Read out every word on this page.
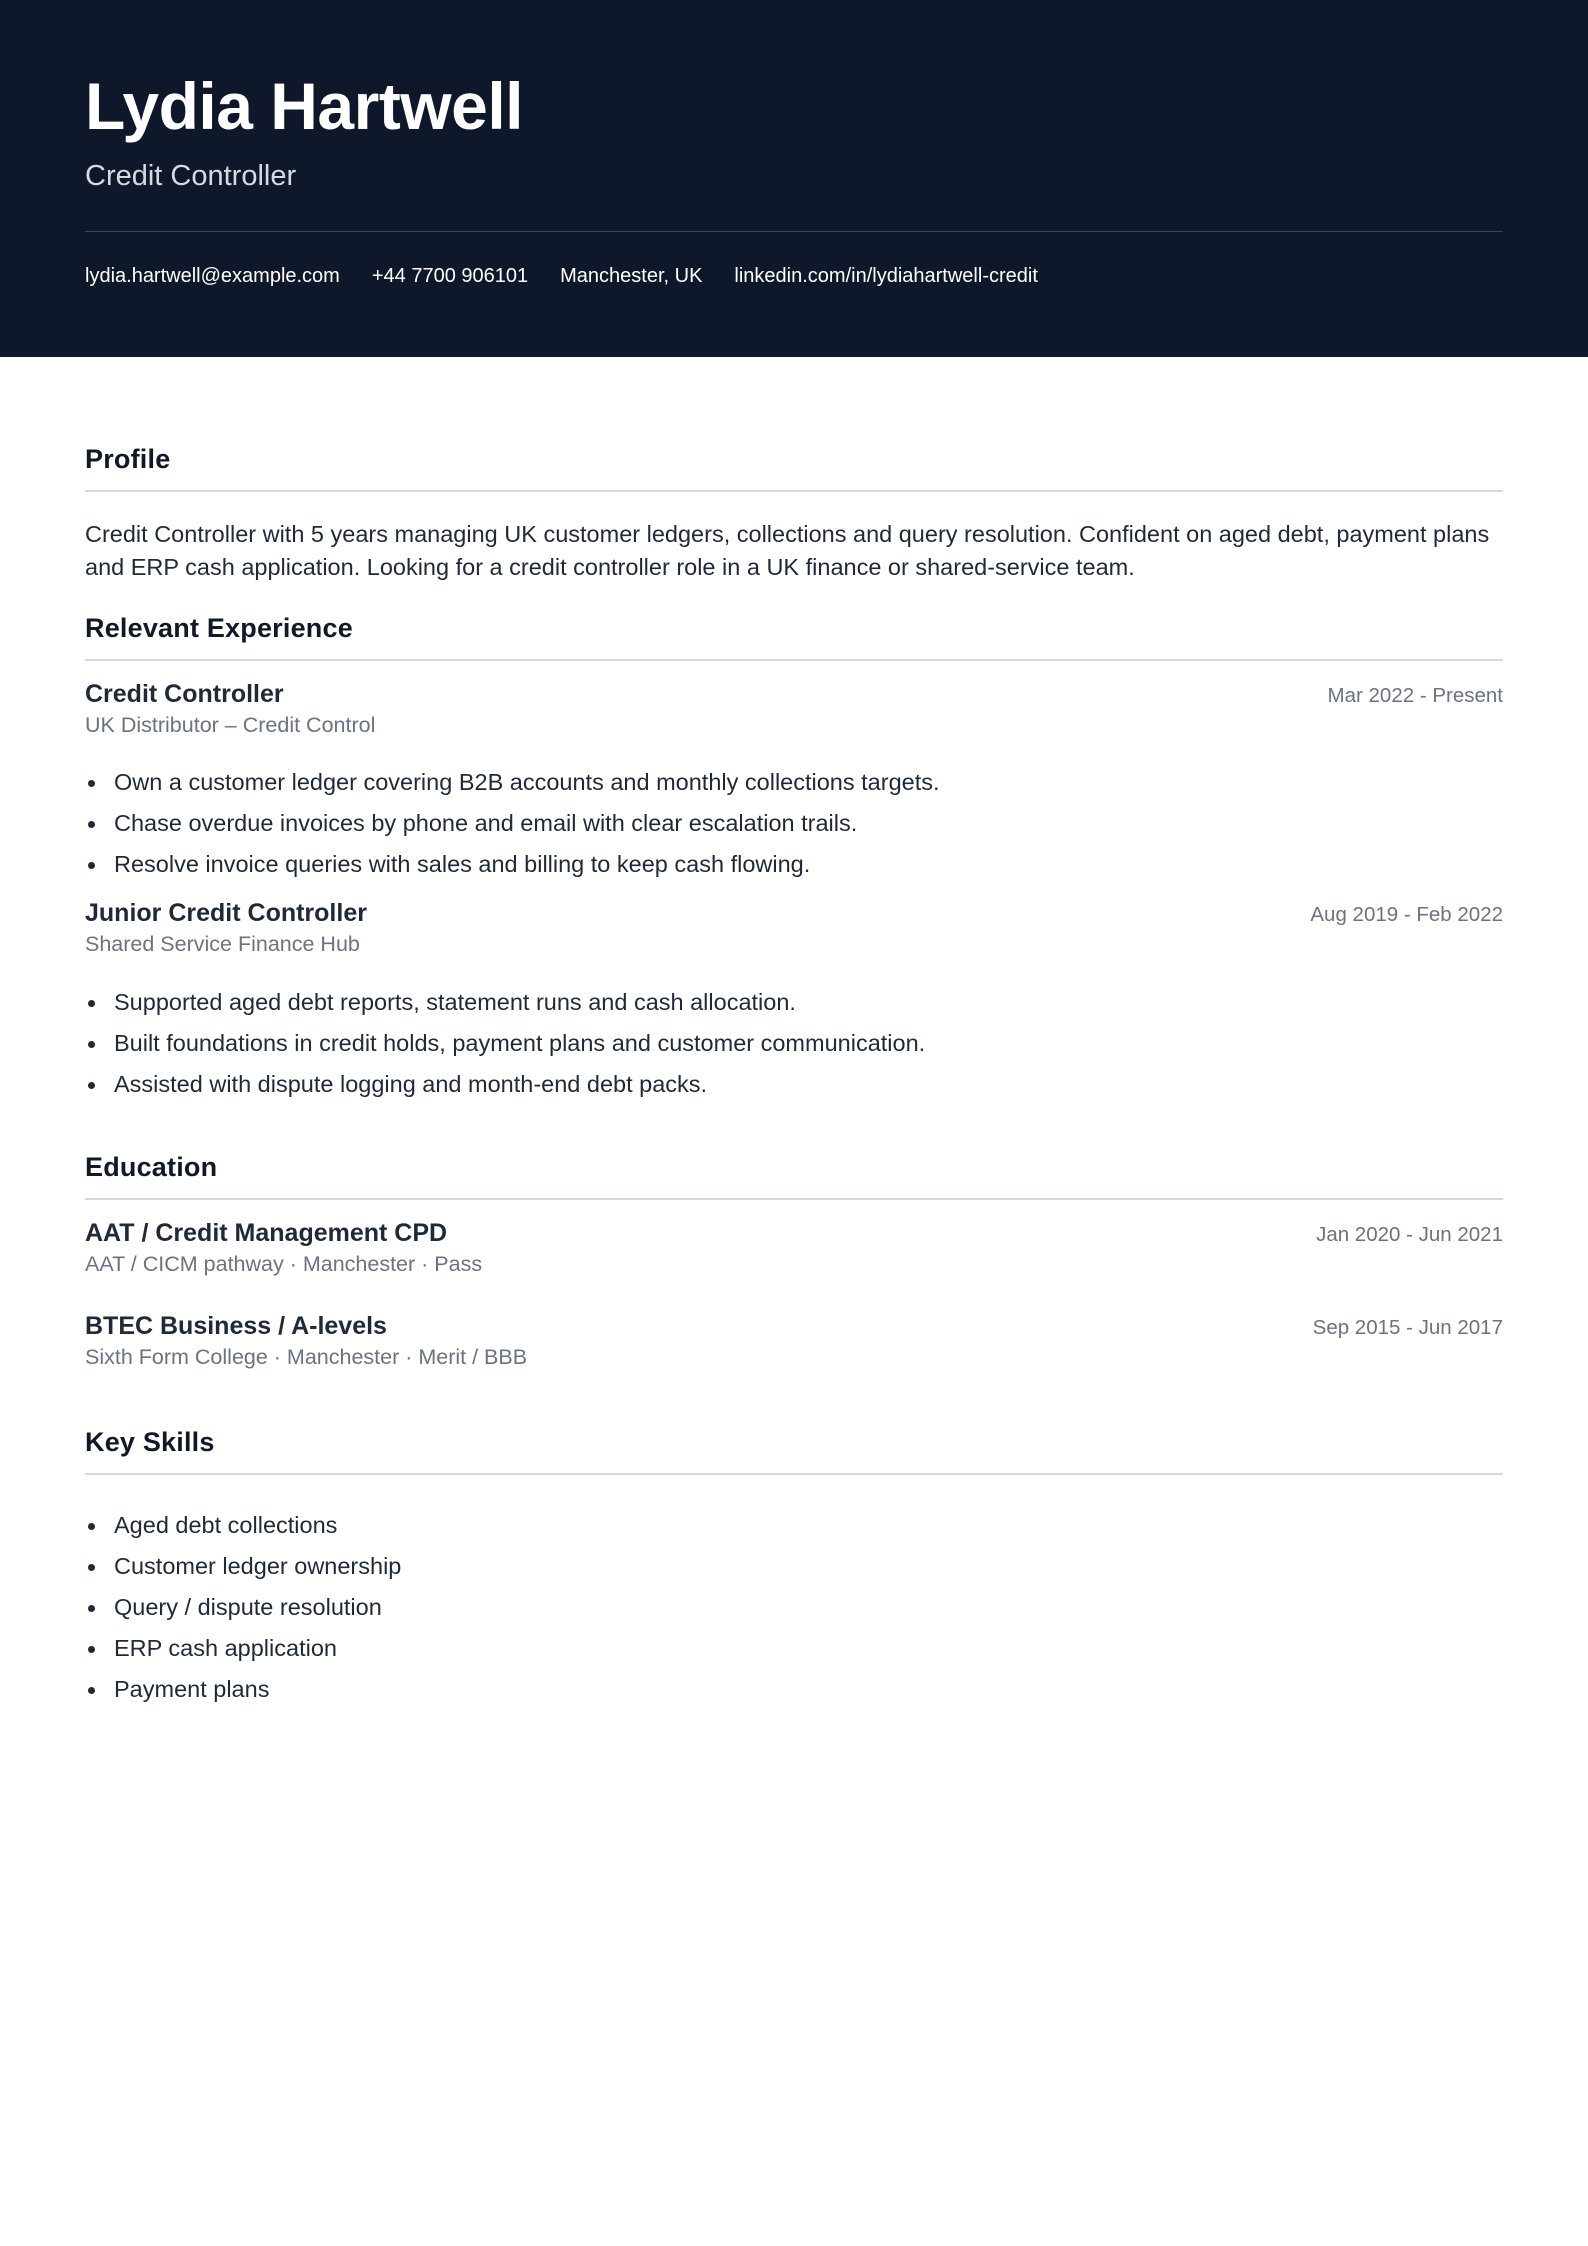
Lydia Hartwell
Credit Controller
lydia.hartwell@example.com +44 7700 906101 Manchester, UK linkedin.com/in/lydiahartwell-credit
Profile

Credit Controller with 5 years managing UK customer ledgers, collections and query resolution. Confident on aged debt, payment plans and ERP cash application. Looking for a credit controller role in a UK finance or shared-service team.

Relevant Experience
Credit Controller	Mar 2022 - Present
UK Distributor – Credit Control
Own a customer ledger covering B2B accounts and monthly collections targets.
Chase overdue invoices by phone and email with clear escalation trails.
Resolve invoice queries with sales and billing to keep cash flowing.
Junior Credit Controller	Aug 2019 - Feb 2022
Shared Service Finance Hub
Supported aged debt reports, statement runs and cash allocation.
Built foundations in credit holds, payment plans and customer communication.
Assisted with dispute logging and month-end debt packs.
Education
AAT / Credit Management CPD	Jan 2020 - Jun 2021
AAT / CICM pathway · Manchester · Pass
BTEC Business / A-levels	Sep 2015 - Jun 2017
Sixth Form College · Manchester · Merit / BBB
Key Skills
Aged debt collections
Customer ledger ownership
Query / dispute resolution
ERP cash application
Payment plans
